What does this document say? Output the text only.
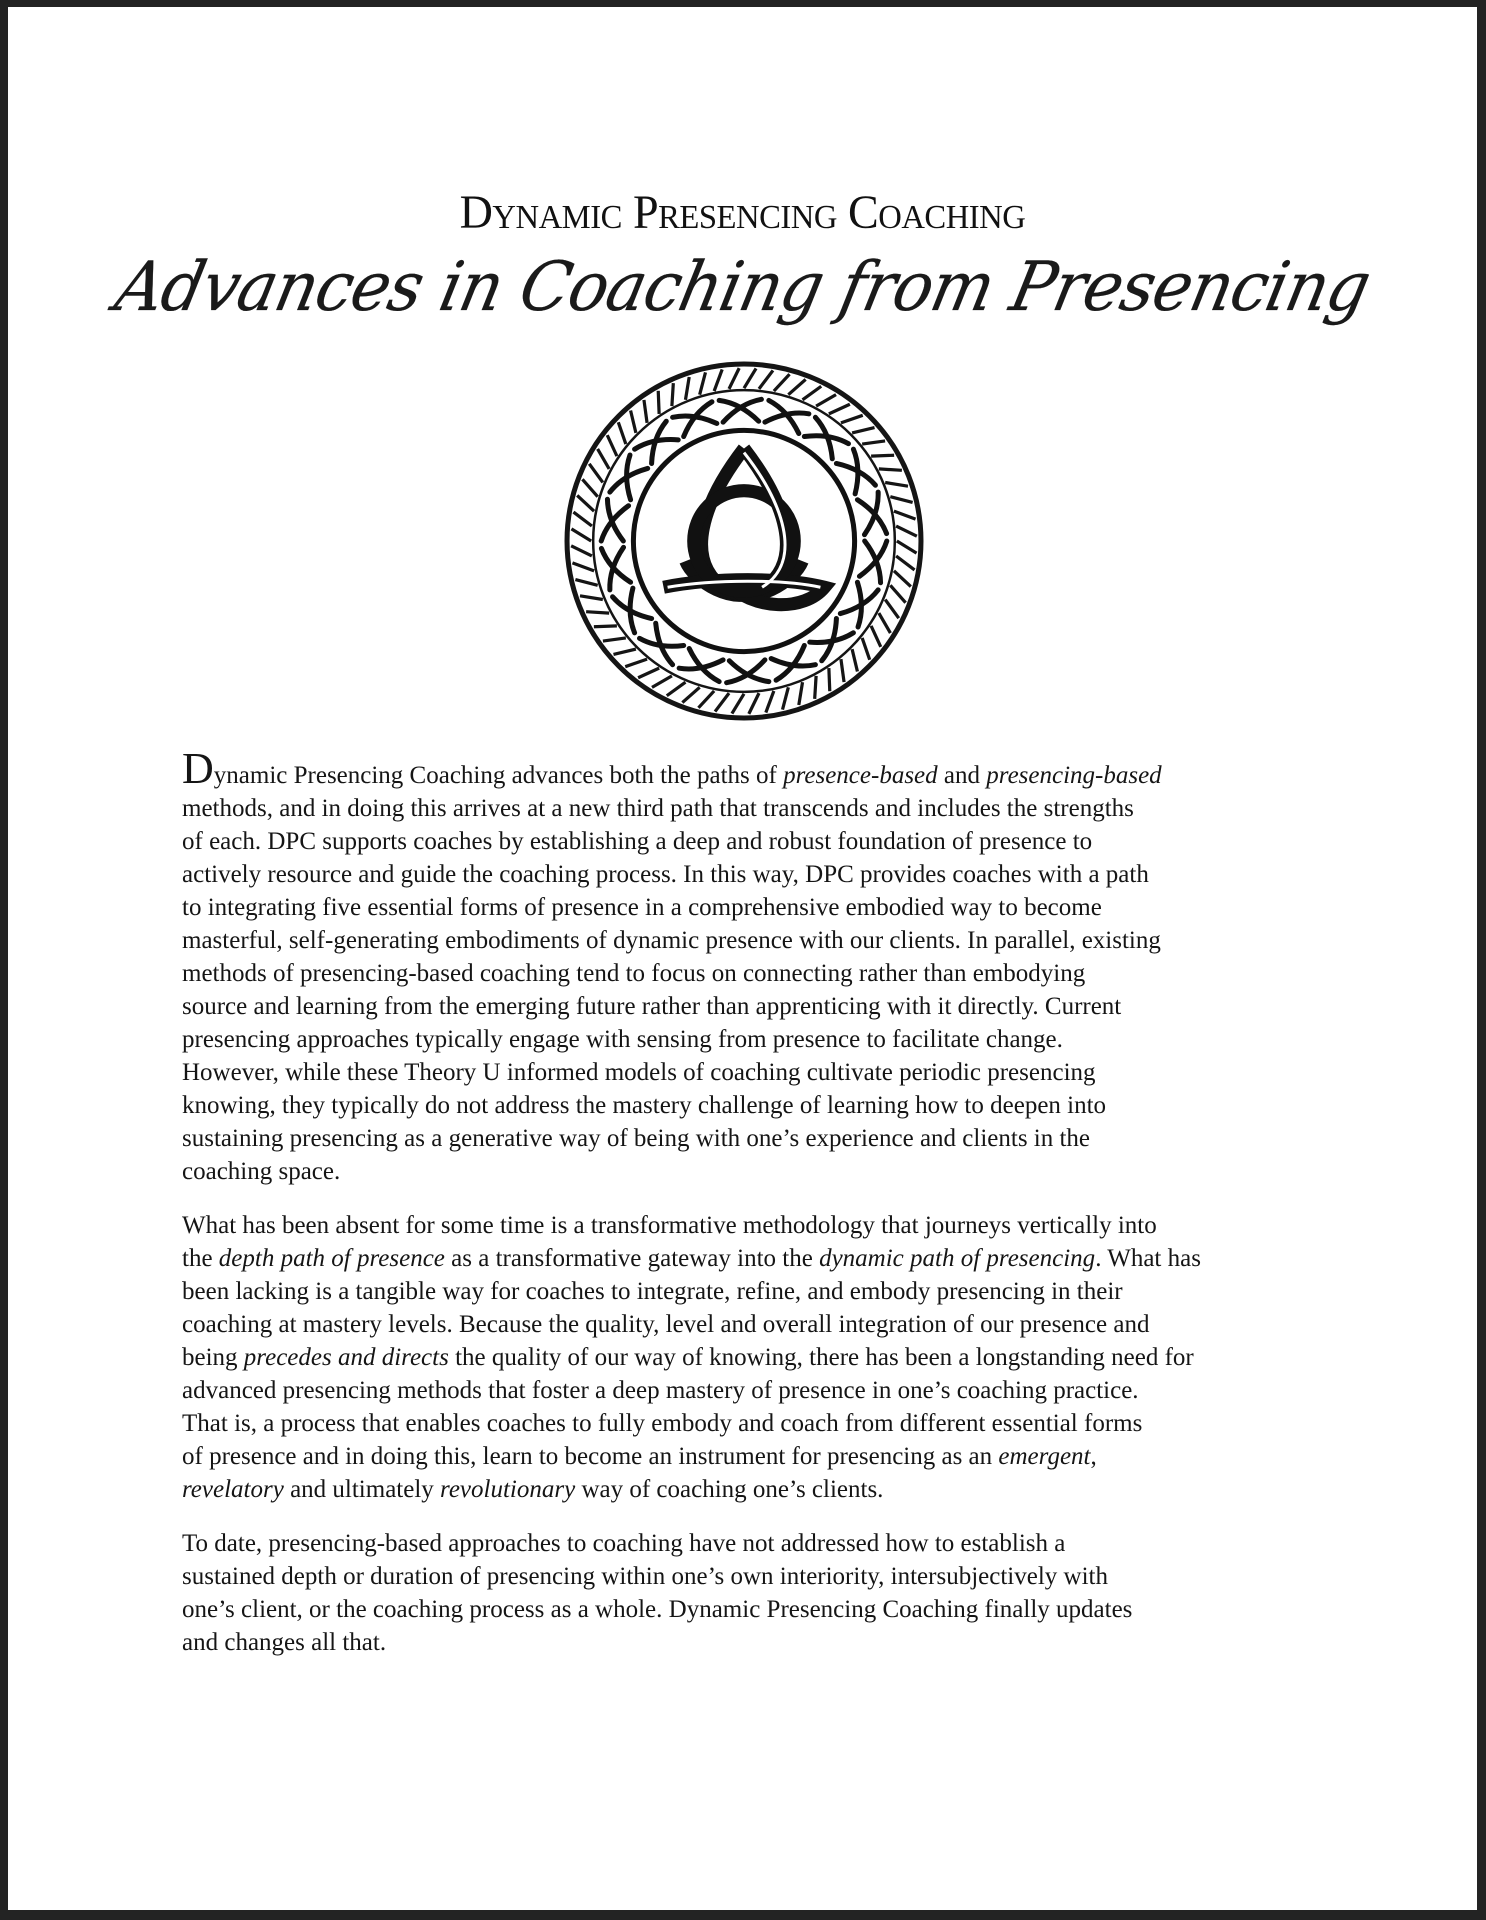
Dynamic Presencing Coaching
Advances in Coaching from Presencing

Dynamic Presencing Coaching advances both the paths of presence-based and presencing-based
methods, and in doing this arrives at a new third path that transcends and includes the strengths
of each. DPC supports coaches by establishing a deep and robust foundation of presence to
actively resource and guide the coaching process. In this way, DPC provides coaches with a path
to integrating five essential forms of presence in a comprehensive embodied way to become
masterful, self-generating embodiments of dynamic presence with our clients. In parallel, existing
methods of presencing-based coaching tend to focus on connecting rather than embodying
source and learning from the emerging future rather than apprenticing with it directly. Current
presencing approaches typically engage with sensing from presence to facilitate change.
However, while these Theory U informed models of coaching cultivate periodic presencing
knowing, they typically do not address the mastery challenge of learning how to deepen into
sustaining presencing as a generative way of being with one’s experience and clients in the
coaching space.

What has been absent for some time is a transformative methodology that journeys vertically into
the depth path of presence as a transformative gateway into the dynamic path of presencing. What has
been lacking is a tangible way for coaches to integrate, refine, and embody presencing in their
coaching at mastery levels. Because the quality, level and overall integration of our presence and
being precedes and directs the quality of our way of knowing, there has been a longstanding need for
advanced presencing methods that foster a deep mastery of presence in one’s coaching practice.
That is, a process that enables coaches to fully embody and coach from different essential forms
of presence and in doing this, learn to become an instrument for presencing as an emergent,
revelatory and ultimately revolutionary way of coaching one’s clients.

To date, presencing-based approaches to coaching have not addressed how to establish a
sustained depth or duration of presencing within one’s own interiority, intersubjectively with
one’s client, or the coaching process as a whole. Dynamic Presencing Coaching finally updates
and changes all that.
